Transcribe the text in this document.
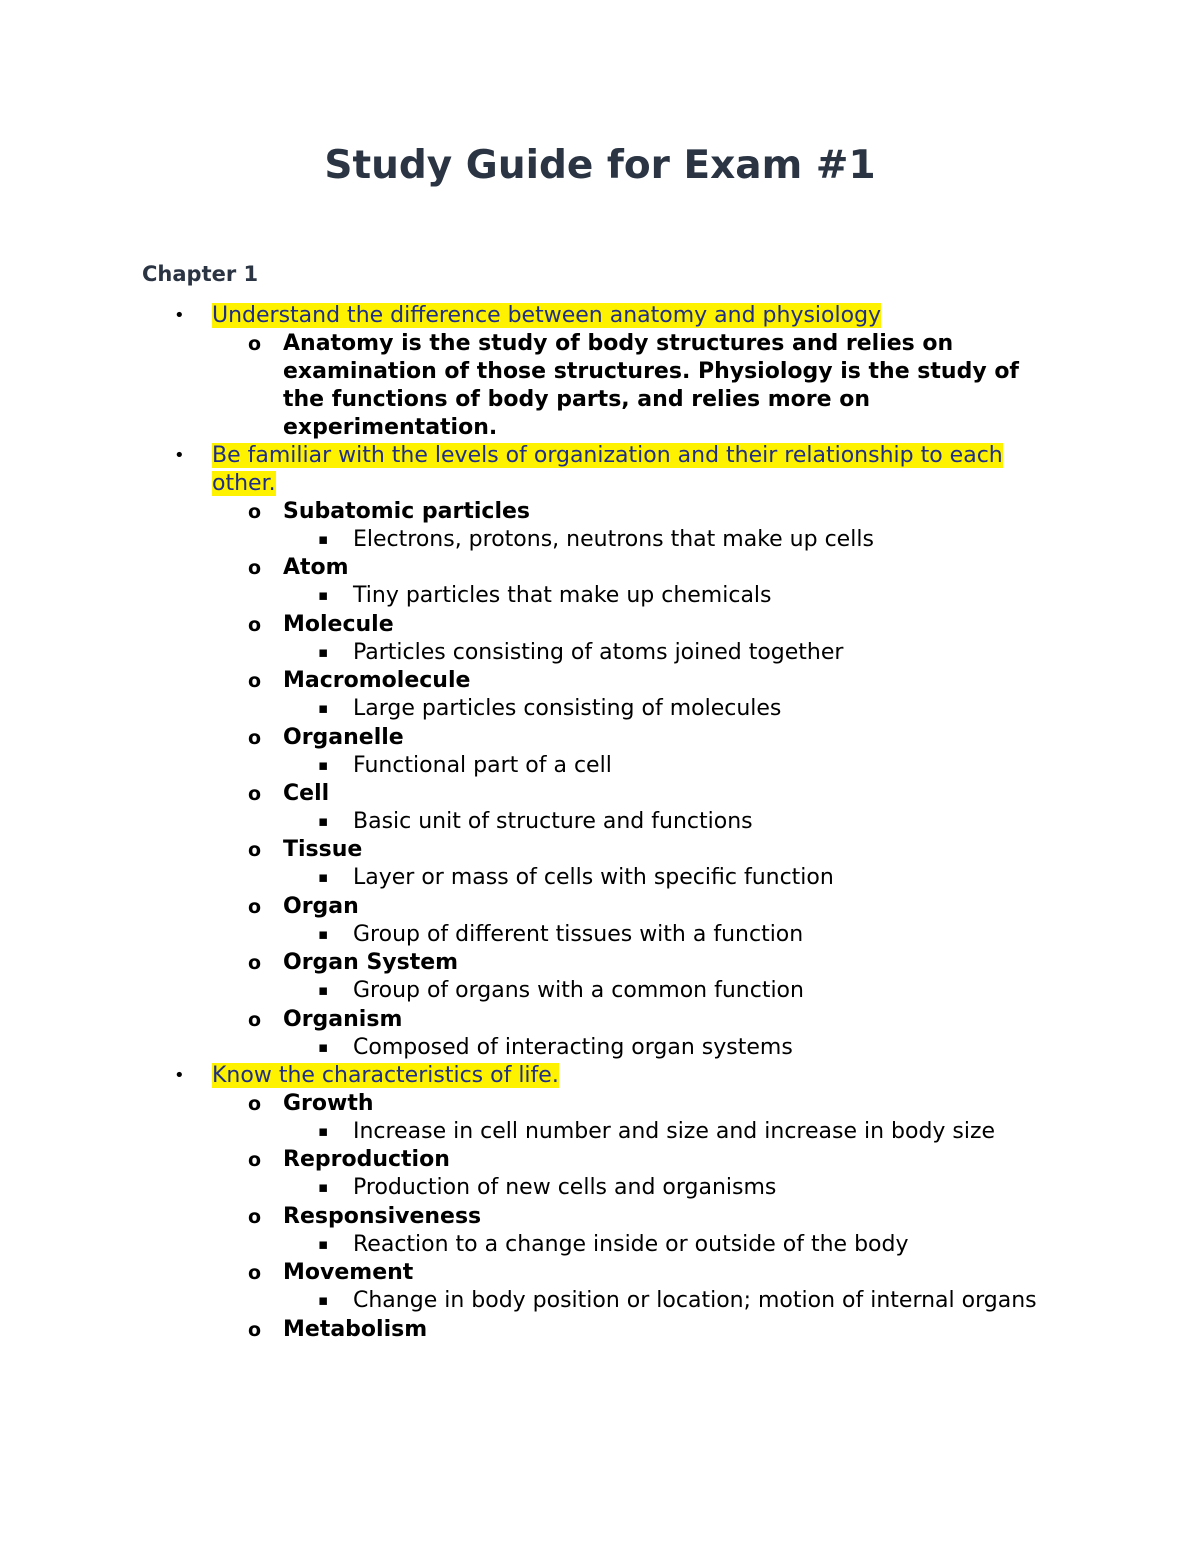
Study Guide for Exam #1
Chapter 1
• Understand the difference between anatomy and physiology
o Anatomy is the study of body structures and relies on examination of those structures. Physiology is the study of the functions of body parts, and relies more on experimentation.
• Be familiar with the levels of organization and their relationship to each other.
o Subatomic particles
▪ Electrons, protons, neutrons that make up cells
o Atom
▪ Tiny particles that make up chemicals
o Molecule
▪ Particles consisting of atoms joined together
o Macromolecule
▪ Large particles consisting of molecules
o Organelle
▪ Functional part of a cell
o Cell
▪ Basic unit of structure and functions
o Tissue
▪ Layer or mass of cells with specific function
o Organ
▪ Group of different tissues with a function
o Organ System
▪ Group of organs with a common function
o Organism
▪ Composed of interacting organ systems
• Know the characteristics of life.
o Growth
▪ Increase in cell number and size and increase in body size
o Reproduction
▪ Production of new cells and organisms
o Responsiveness
▪ Reaction to a change inside or outside of the body
o Movement
▪ Change in body position or location; motion of internal organs
o Metabolism
